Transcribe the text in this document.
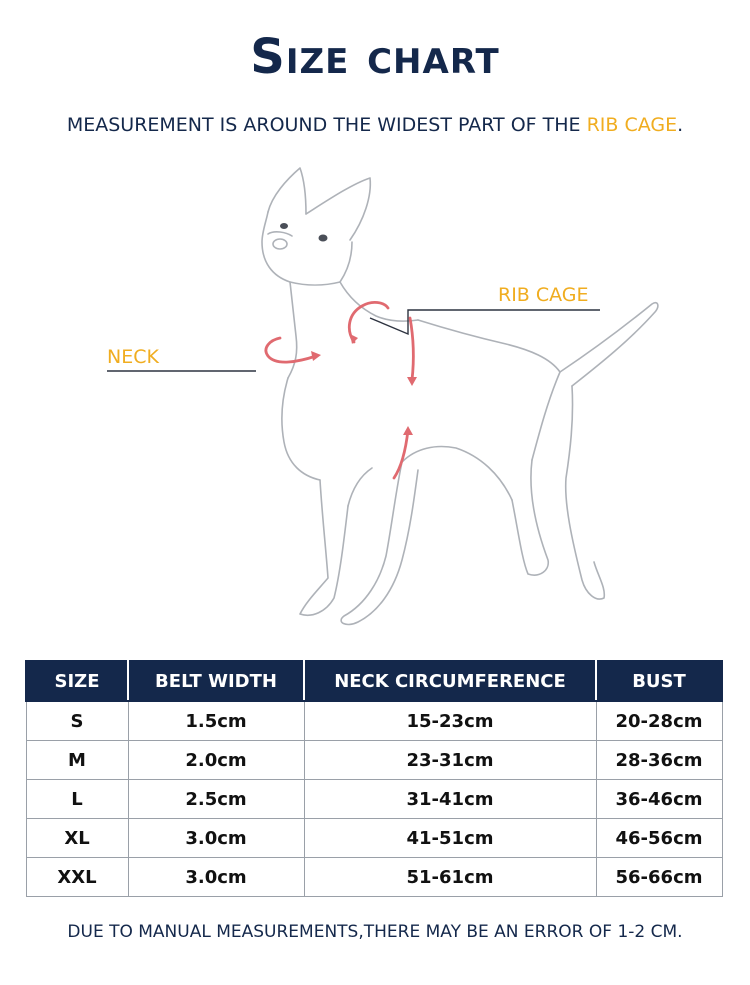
Size chart
MEASUREMENT IS AROUND THE WIDEST PART OF THE RIB CAGE.
RIB CAGE
NECK
SIZE	BELT WIDTH	NECK CIRCUMFERENCE	BUST
S	1.5cm	15-23cm	20-28cm
M	2.0cm	23-31cm	28-36cm
L	2.5cm	31-41cm	36-46cm
XL	3.0cm	41-51cm	46-56cm
XXL	3.0cm	51-61cm	56-66cm
DUE TO MANUAL MEASUREMENTS,THERE MAY BE AN ERROR OF 1-2 CM.
